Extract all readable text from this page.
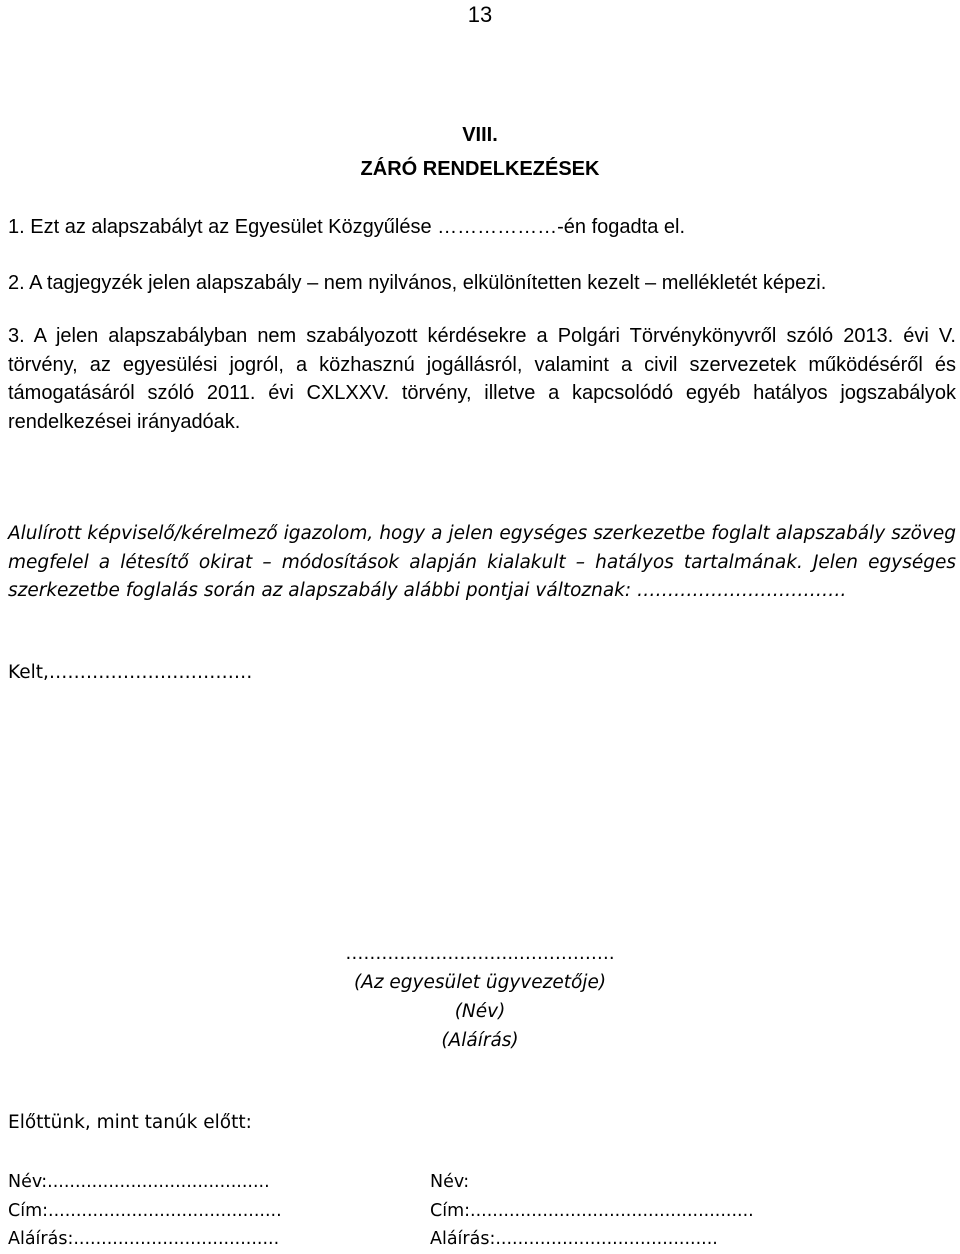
13
VIII.
ZÁRÓ RENDELKEZÉSEK
1. Ezt az alapszabályt az Egyesület Közgyűlése ………………-én fogadta el.
2. A tagjegyzék jelen alapszabály – nem nyilvános, elkülönítetten kezelt – mellékletét képezi.
3. A jelen alapszabályban nem szabályozott kérdésekre a Polgári Törvénykönyvről szóló 2013. évi V. törvény, az egyesülési jogról, a közhasznú jogállásról, valamint a civil szervezetek működéséről és támogatásáról szóló 2011. évi CXLXXV. törvény, illetve a kapcsolódó egyéb hatályos jogszabályok rendelkezései irányadóak.
Alulírott képviselő/kérelmező igazolom, hogy a jelen egységes szerkezetbe foglalt alapszabály szöveg megfelel a létesítő okirat – módosítások alapján kialakult – hatályos tartalmának. Jelen egységes szerkezetbe foglalás során az alapszabály alábbi pontjai változnak: …………………………….
Kelt,……………………………
………………………..…………….
(Az egyesület ügyvezetője)
(Név)
(Aláírás)
Előttünk, mint tanúk előtt:
Név:........................................
Cím:..........................................
Aláírás:.....................................
Név:
Cím:...................................................
Aláírás:........................................
